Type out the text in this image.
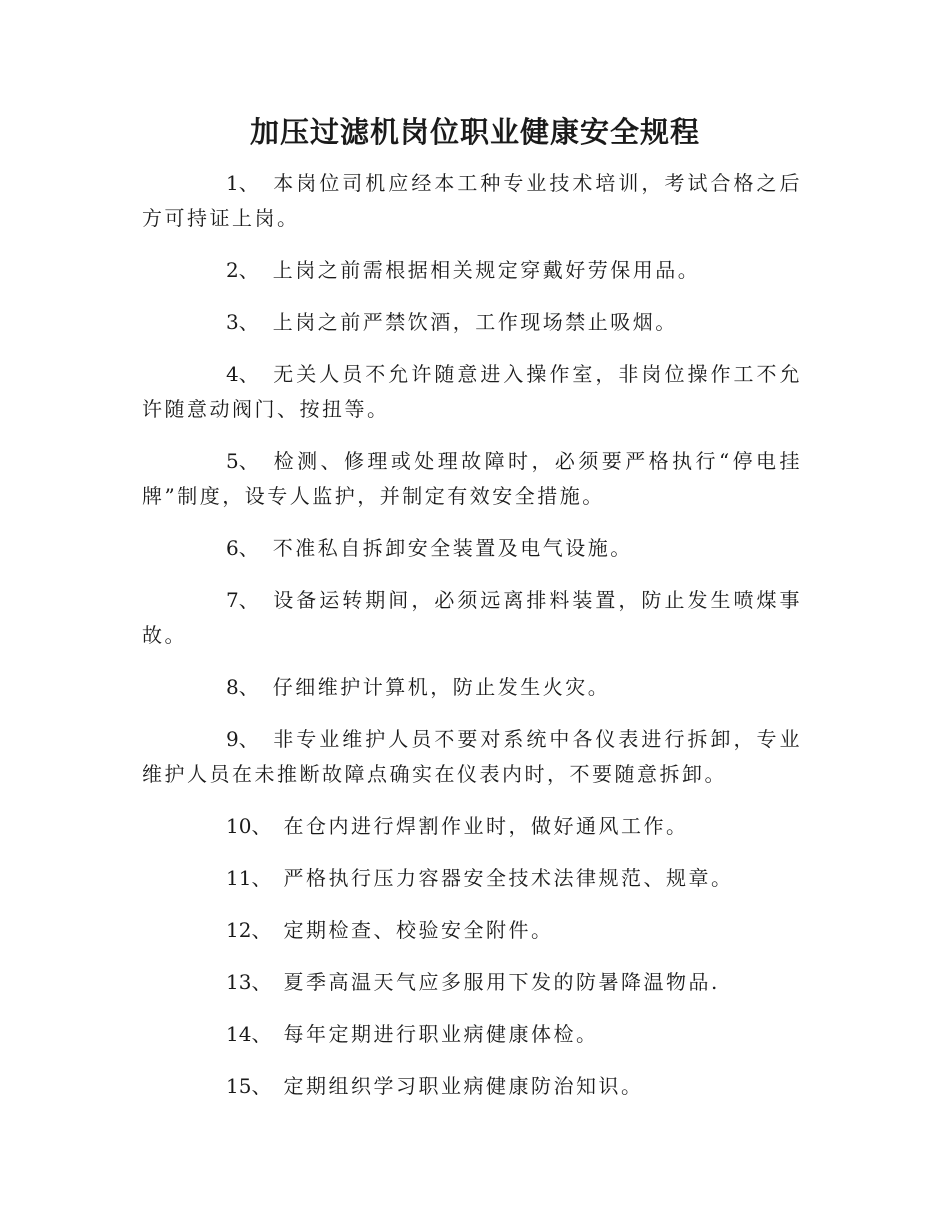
加压过滤机岗位职业健康安全规程

1、 本岗位司机应经本工种专业技术培训，考试合格之后方可持证上岗。

2、 上岗之前需根据相关规定穿戴好劳保用品。

3、 上岗之前严禁饮酒，工作现场禁止吸烟。

4、 无关人员不允许随意进入操作室，非岗位操作工不允许随意动阀门、按扭等。

5、 检测、修理或处理故障时，必须要严格执行“停电挂牌”制度，设专人监护，并制定有效安全措施。

6、 不准私自拆卸安全装置及电气设施。

7、 设备运转期间，必须远离排料装置，防止发生喷煤事故。

8、 仔细维护计算机，防止发生火灾。

9、 非专业维护人员不要对系统中各仪表进行拆卸，专业维护人员在未推断故障点确实在仪表内时，不要随意拆卸。

10、 在仓内进行焊割作业时，做好通风工作。

11、 严格执行压力容器安全技术法律规范、规章。

12、 定期检查、校验安全附件。

13、 夏季高温天气应多服用下发的防暑降温物品.

14、 每年定期进行职业病健康体检。

15、 定期组织学习职业病健康防治知识。
